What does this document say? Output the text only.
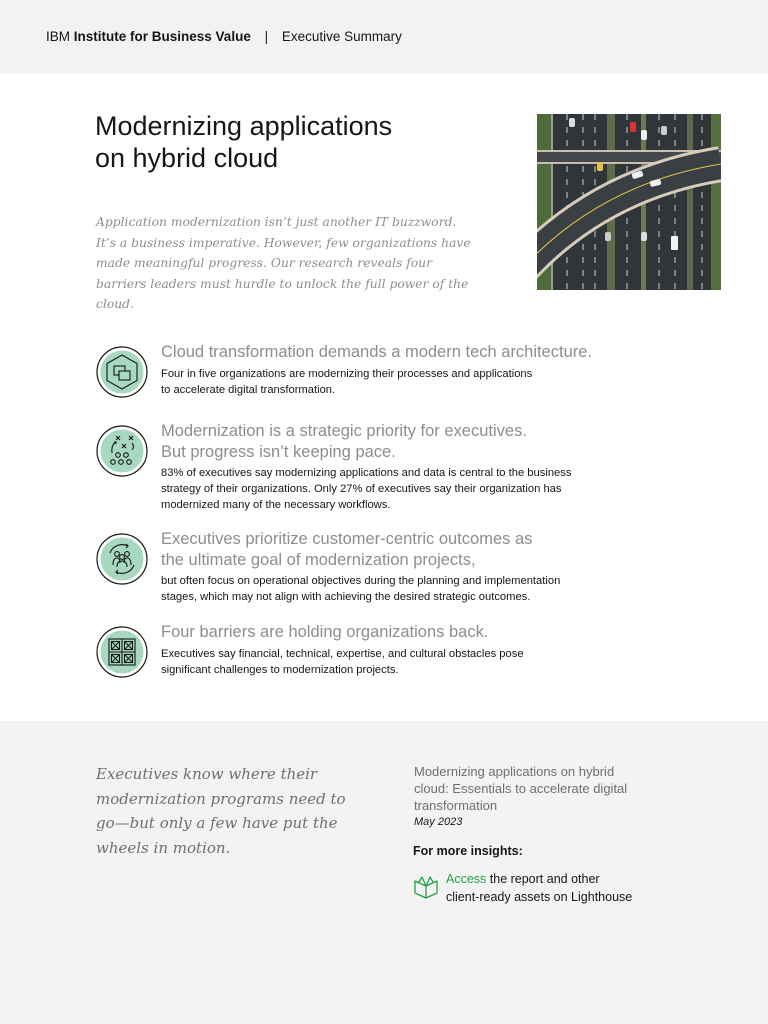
IBM Institute for Business Value | Executive Summary
Modernizing applications
on hybrid cloud
Application modernization isn’t just another IT buzzword. It’s a business imperative. However, few organizations have made meaningful progress. Our research reveals four barriers leaders must hurdle to unlock the full power of the cloud.
Cloud transformation demands a modern tech architecture.
Four in five organizations are modernizing their processes and applications
to accelerate digital transformation.
Modernization is a strategic priority for executives.
But progress isn’t keeping pace.
83% of executives say modernizing applications and data is central to the business
strategy of their organizations. Only 27% of executives say their organization has
modernized many of the necessary workflows.
Executives prioritize customer-centric outcomes as
the ultimate goal of modernization projects,
but often focus on operational objectives during the planning and implementation
stages, which may not align with achieving the desired strategic outcomes.
Four barriers are holding organizations back.
Executives say financial, technical, expertise, and cultural obstacles pose
significant challenges to modernization projects.
Executives know where their modernization programs need to go—but only a few have put the wheels in motion.
Modernizing applications on hybrid cloud: Essentials to accelerate digital transformation
May 2023
For more insights:
Access the report and other
client-ready assets on Lighthouse
